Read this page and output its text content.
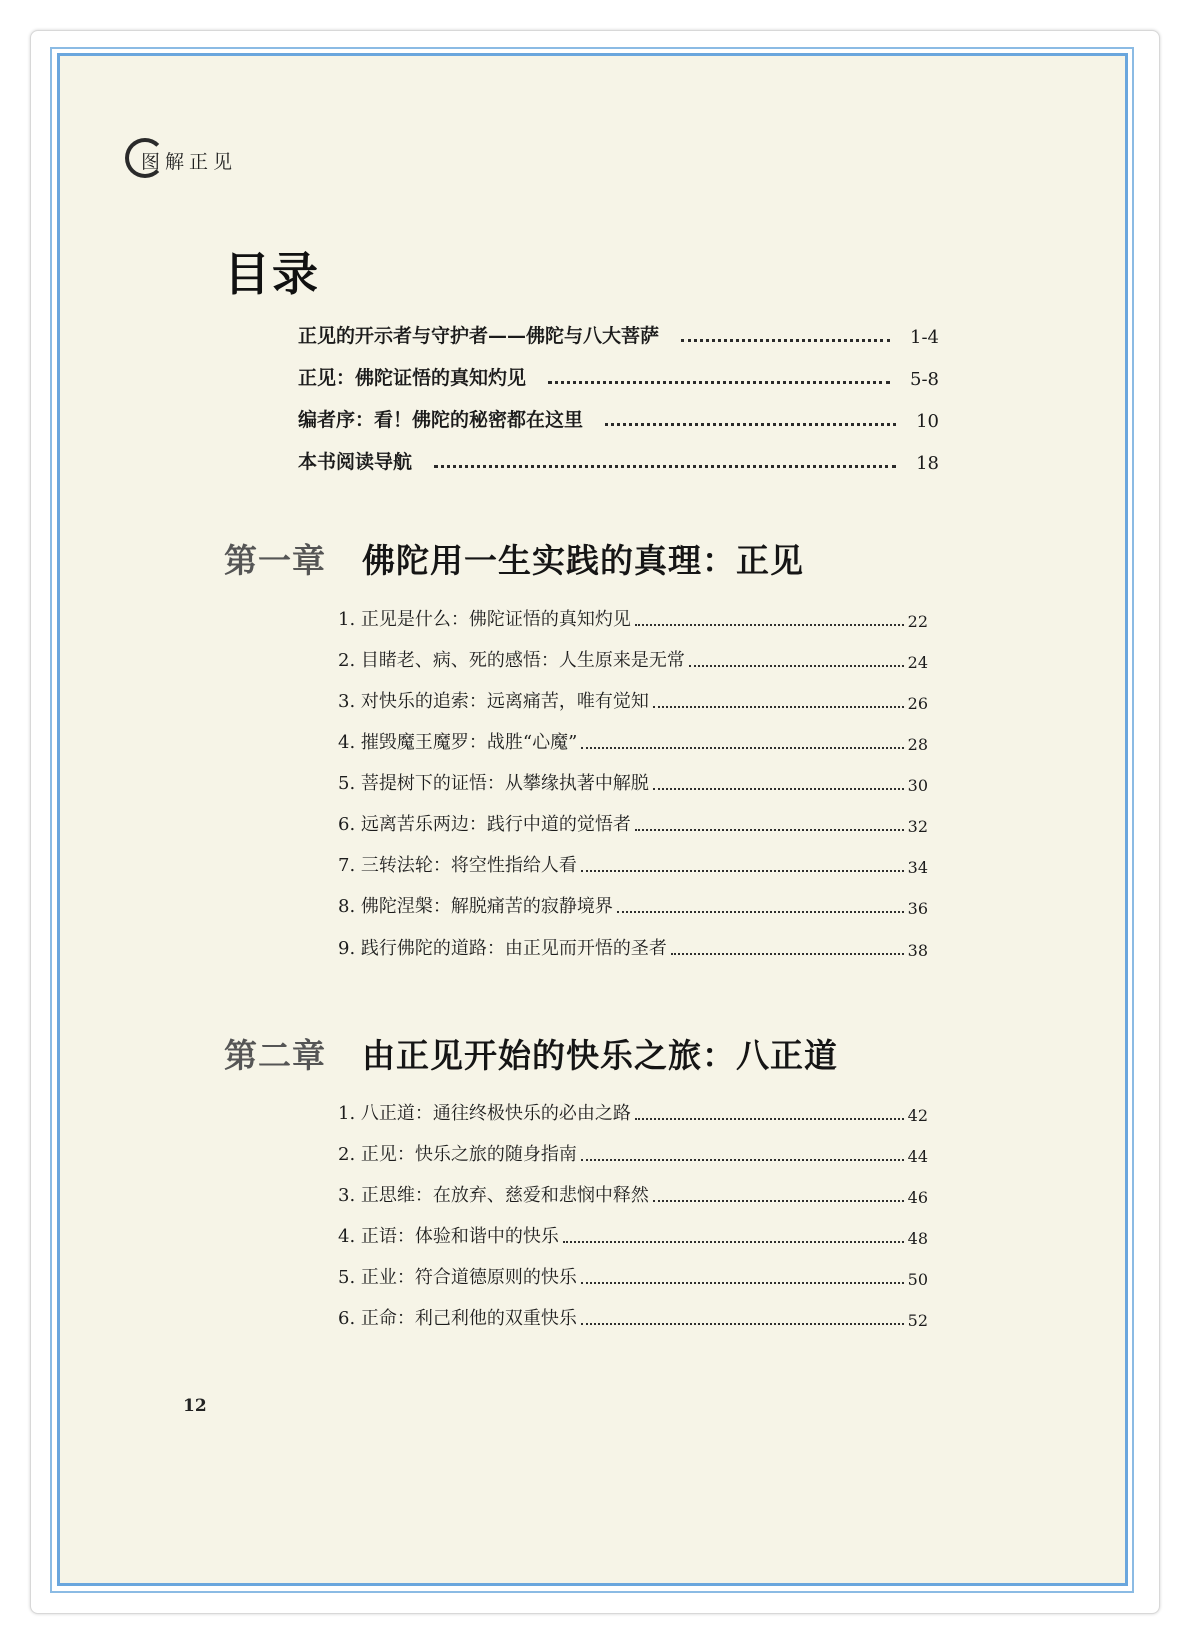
图解正见
目录
正见的开示者与守护者——佛陀与八大菩萨	1-4
正见：佛陀证悟的真知灼见	5-8
编者序：看！佛陀的秘密都在这里	10
本书阅读导航	18
第一章 佛陀用一生实践的真理：正见
1. 正见是什么：佛陀证悟的真知灼见	22
2. 目睹老、病、死的感悟：人生原来是无常	24
3. 对快乐的追索：远离痛苦，唯有觉知	26
4. 摧毁魔王魔罗：战胜“心魔”	28
5. 菩提树下的证悟：从攀缘执著中解脱	30
6. 远离苦乐两边：践行中道的觉悟者	32
7. 三转法轮：将空性指给人看	34
8. 佛陀涅槃：解脱痛苦的寂静境界	36
9. 践行佛陀的道路：由正见而开悟的圣者	38
第二章 由正见开始的快乐之旅：八正道
1. 八正道：通往终极快乐的必由之路	42
2. 正见：快乐之旅的随身指南	44
3. 正思维：在放弃、慈爱和悲悯中释然	46
4. 正语：体验和谐中的快乐	48
5. 正业：符合道德原则的快乐	50
6. 正命：利己利他的双重快乐	52
12
